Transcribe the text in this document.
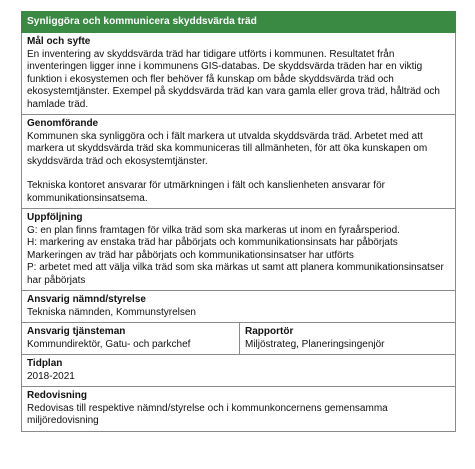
Synliggöra och kommunicera skyddsvärda träd
Mål och syfte
En inventering av skyddsvärda träd har tidigare utförts i kommunen. Resultatet från inventeringen ligger inne i kommunens GIS-databas. De skyddsvärda träden har en viktig funktion i ekosystemen och fler behöver få kunskap om både skyddsvärda träd och ekosystemtjänster. Exempel på skyddsvärda träd kan vara gamla eller grova träd, hålträd och hamlade träd.
Genomförande
Kommunen ska synliggöra och i fält markera ut utvalda skyddsvärda träd. Arbetet med att markera ut skyddsvärda träd ska kommuniceras till allmänheten, för att öka kunskapen om skyddsvärda träd och ekosystemtjänster.
Tekniska kontoret ansvarar för utmärkningen i fält och kanslienheten ansvarar för kommunikationsinsatsema.
Uppföljning
G: en plan finns framtagen för vilka träd som ska markeras ut inom en fyraårsperiod.
H: markering av enstaka träd har påbörjats och kommunikationsinsats har påbörjats
Markeringen av träd har påbörjats och kommunikationsinsatser har utförts
P: arbetet med att välja vilka träd som ska märkas ut samt att planera kommunikationsinsatser har påbörjats
Ansvarig nämnd/styrelse
Tekniska nämnden, Kommunstyrelsen
Ansvarig tjänsteman
Kommundirektör, Gatu- och parkchef
Rapportör
Miljöstrateg, Planeringsingenjör
Tidplan
2018-2021
Redovisning
Redovisas till respektive nämnd/styrelse och i kommunkoncernens gemensamma miljöredovisning
